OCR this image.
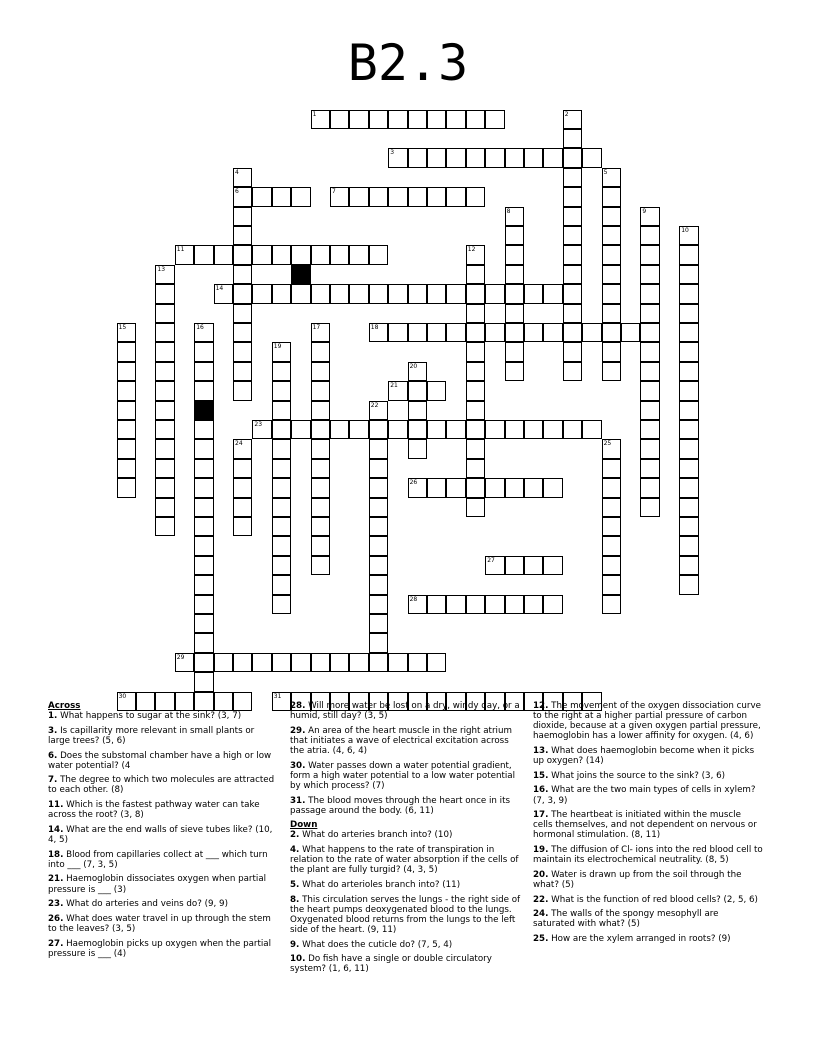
B2.3
1	2
3
4
6
5
7
8	9
10
11	12
13
14
15	16	17	18
19
20
21
22
23
24	25
26
27
28
29
30	31
Across
1. What happens to sugar at the sink? (3, 7)
3. Is capillarity more relevant in small plants or large trees? (5, 6)
6. Does the substomal chamber have a high or low water potential? (4
7. The degree to which two molecules are attracted to each other. (8)
11. Which is the fastest pathway water can take across the root? (3, 8)
14. What are the end walls of sieve tubes like? (10, 4, 5)
18. Blood from capillaries collect at ___ which turn into ___ (7, 3, 5)
21. Haemoglobin dissociates oxygen when partial pressure is ___ (3)
23. What do arteries and veins do? (9, 9)
26. What does water travel in up through the stem to the leaves? (3, 5)
27. Haemoglobin picks up oxygen when the partial pressure is ___ (4)
28. Will more water be lost on a dry, windy day, or a humid, still day? (3, 5)
29. An area of the heart muscle in the right atrium that initiates a wave of electrical excitation across the atria. (4, 6, 4)
30. Water passes down a water potential gradient, form a high water potential to a low water potential by which process? (7)
31. The blood moves through the heart once in its passage around the body. (6, 11)
Down
2. What do arteries branch into? (10)
4. What happens to the rate of transpiration in relation to the rate of water absorption if the cells of the plant are fully turgid? (4, 3, 5)
5. What do arterioles branch into? (11)
8. This circulation serves the lungs - the right side of the heart pumps deoxygenated blood to the lungs. Oxygenated blood returns from the lungs to the left side of the heart. (9, 11)
9. What does the cuticle do? (7, 5, 4)
10. Do fish have a single or double circulatory system? (1, 6, 11)
12. The movement of the oxygen dissociation curve to the right at a higher partial pressure of carbon dioxide, because at a given oxygen partial pressure, haemoglobin has a lower affinity for oxygen. (4, 6)
13. What does haemoglobin become when it picks up oxygen? (14)
15. What joins the source to the sink? (3, 6)
16. What are the two main types of cells in xylem? (7, 3, 9)
17. The heartbeat is initiated within the muscle cells themselves, and not dependent on nervous or hormonal stimulation. (8, 11)
19. The diffusion of Cl- ions into the red blood cell to maintain its electrochemical neutrality. (8, 5)
20. Water is drawn up from the soil through the what? (5)
22. What is the function of red blood cells? (2, 5, 6)
24. The walls of the spongy mesophyll are saturated with what? (5)
25. How are the xylem arranged in roots? (9)
